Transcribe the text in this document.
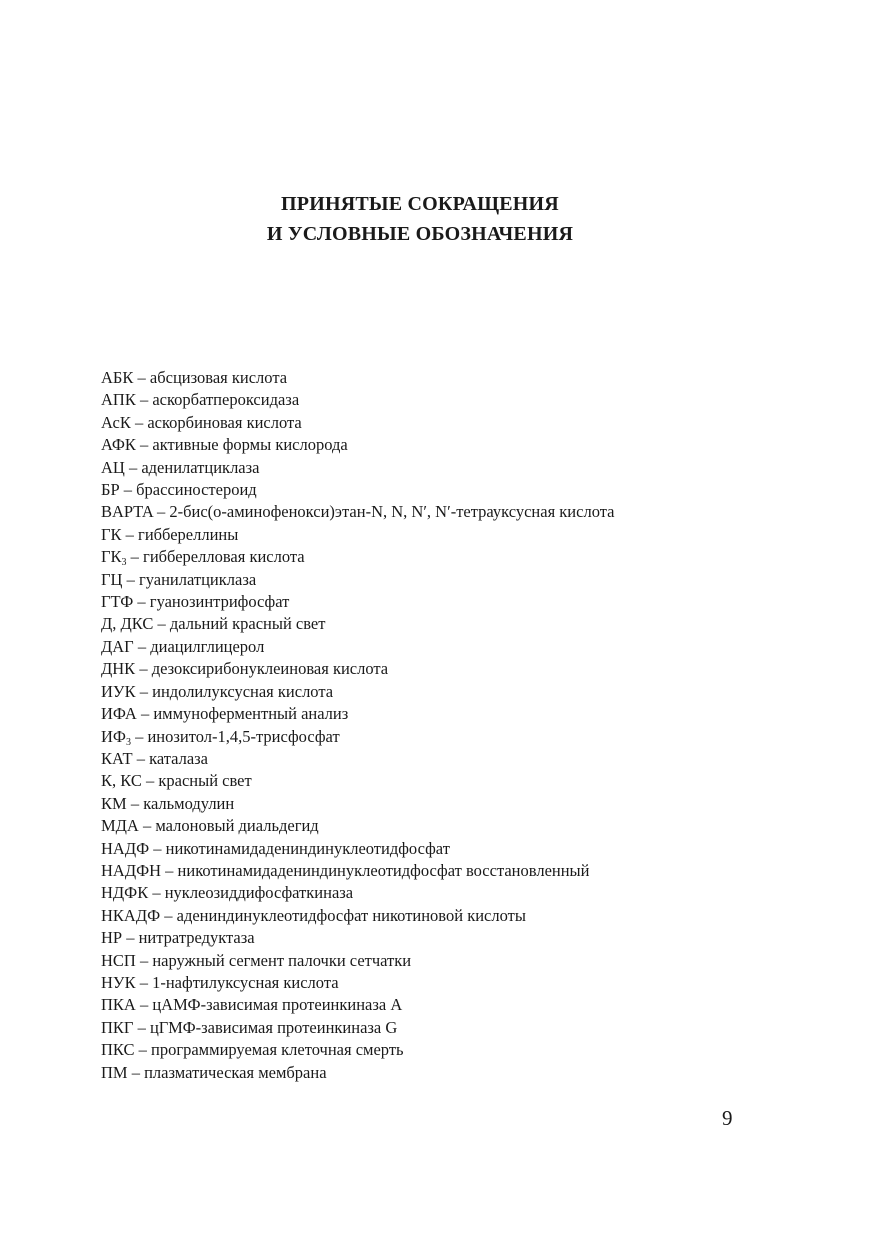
ПРИНЯТЫЕ СОКРАЩЕНИЯ
И УСЛОВНЫЕ ОБОЗНАЧЕНИЯ
АБК – абсцизовая кислота
АПК – аскорбатпероксидаза
АсК – аскорбиновая кислота
АФК – активные формы кислорода
АЦ – аденилатциклаза
БР – брассиностероид
BAPTA – 2-бис(о-аминофенокси)этан-N, N, N′, N′-тетрауксусная кислота
ГК – гиббереллины
$ГК_3$ – гибберелловая кислота
ГЦ – гуанилатциклаза
ГТФ – гуанозинтрифосфат
Д, ДКС – дальний красный свет
ДАГ – диацилглицерол
ДНК – дезоксирибонуклеиновая кислота
ИУК – индолилуксусная кислота
ИФА – иммуноферментный анализ
$ИФ_3$ – инозитол-1,4,5-трисфосфат
КАТ – каталаза
К, КС – красный свет
КМ – кальмодулин
МДА – малоновый диальдегид
НАДФ – никотинамидадениндинуклеотидфосфат
НАДФН – никотинамидадениндинуклеотидфосфат восстановленный
НДФК – нуклеозиддифосфаткиназа
НКАДФ – адениндинуклеотидфосфат никотиновой кислоты
НР – нитратредуктаза
НСП – наружный сегмент палочки сетчатки
НУК – 1-нафтилуксусная кислота
ПКА – цАМФ-зависимая протеинкиназа А
ПКГ – цГМФ-зависимая протеинкиназа G
ПКС – программируемая клеточная смерть
ПМ – плазматическая мембрана
9
